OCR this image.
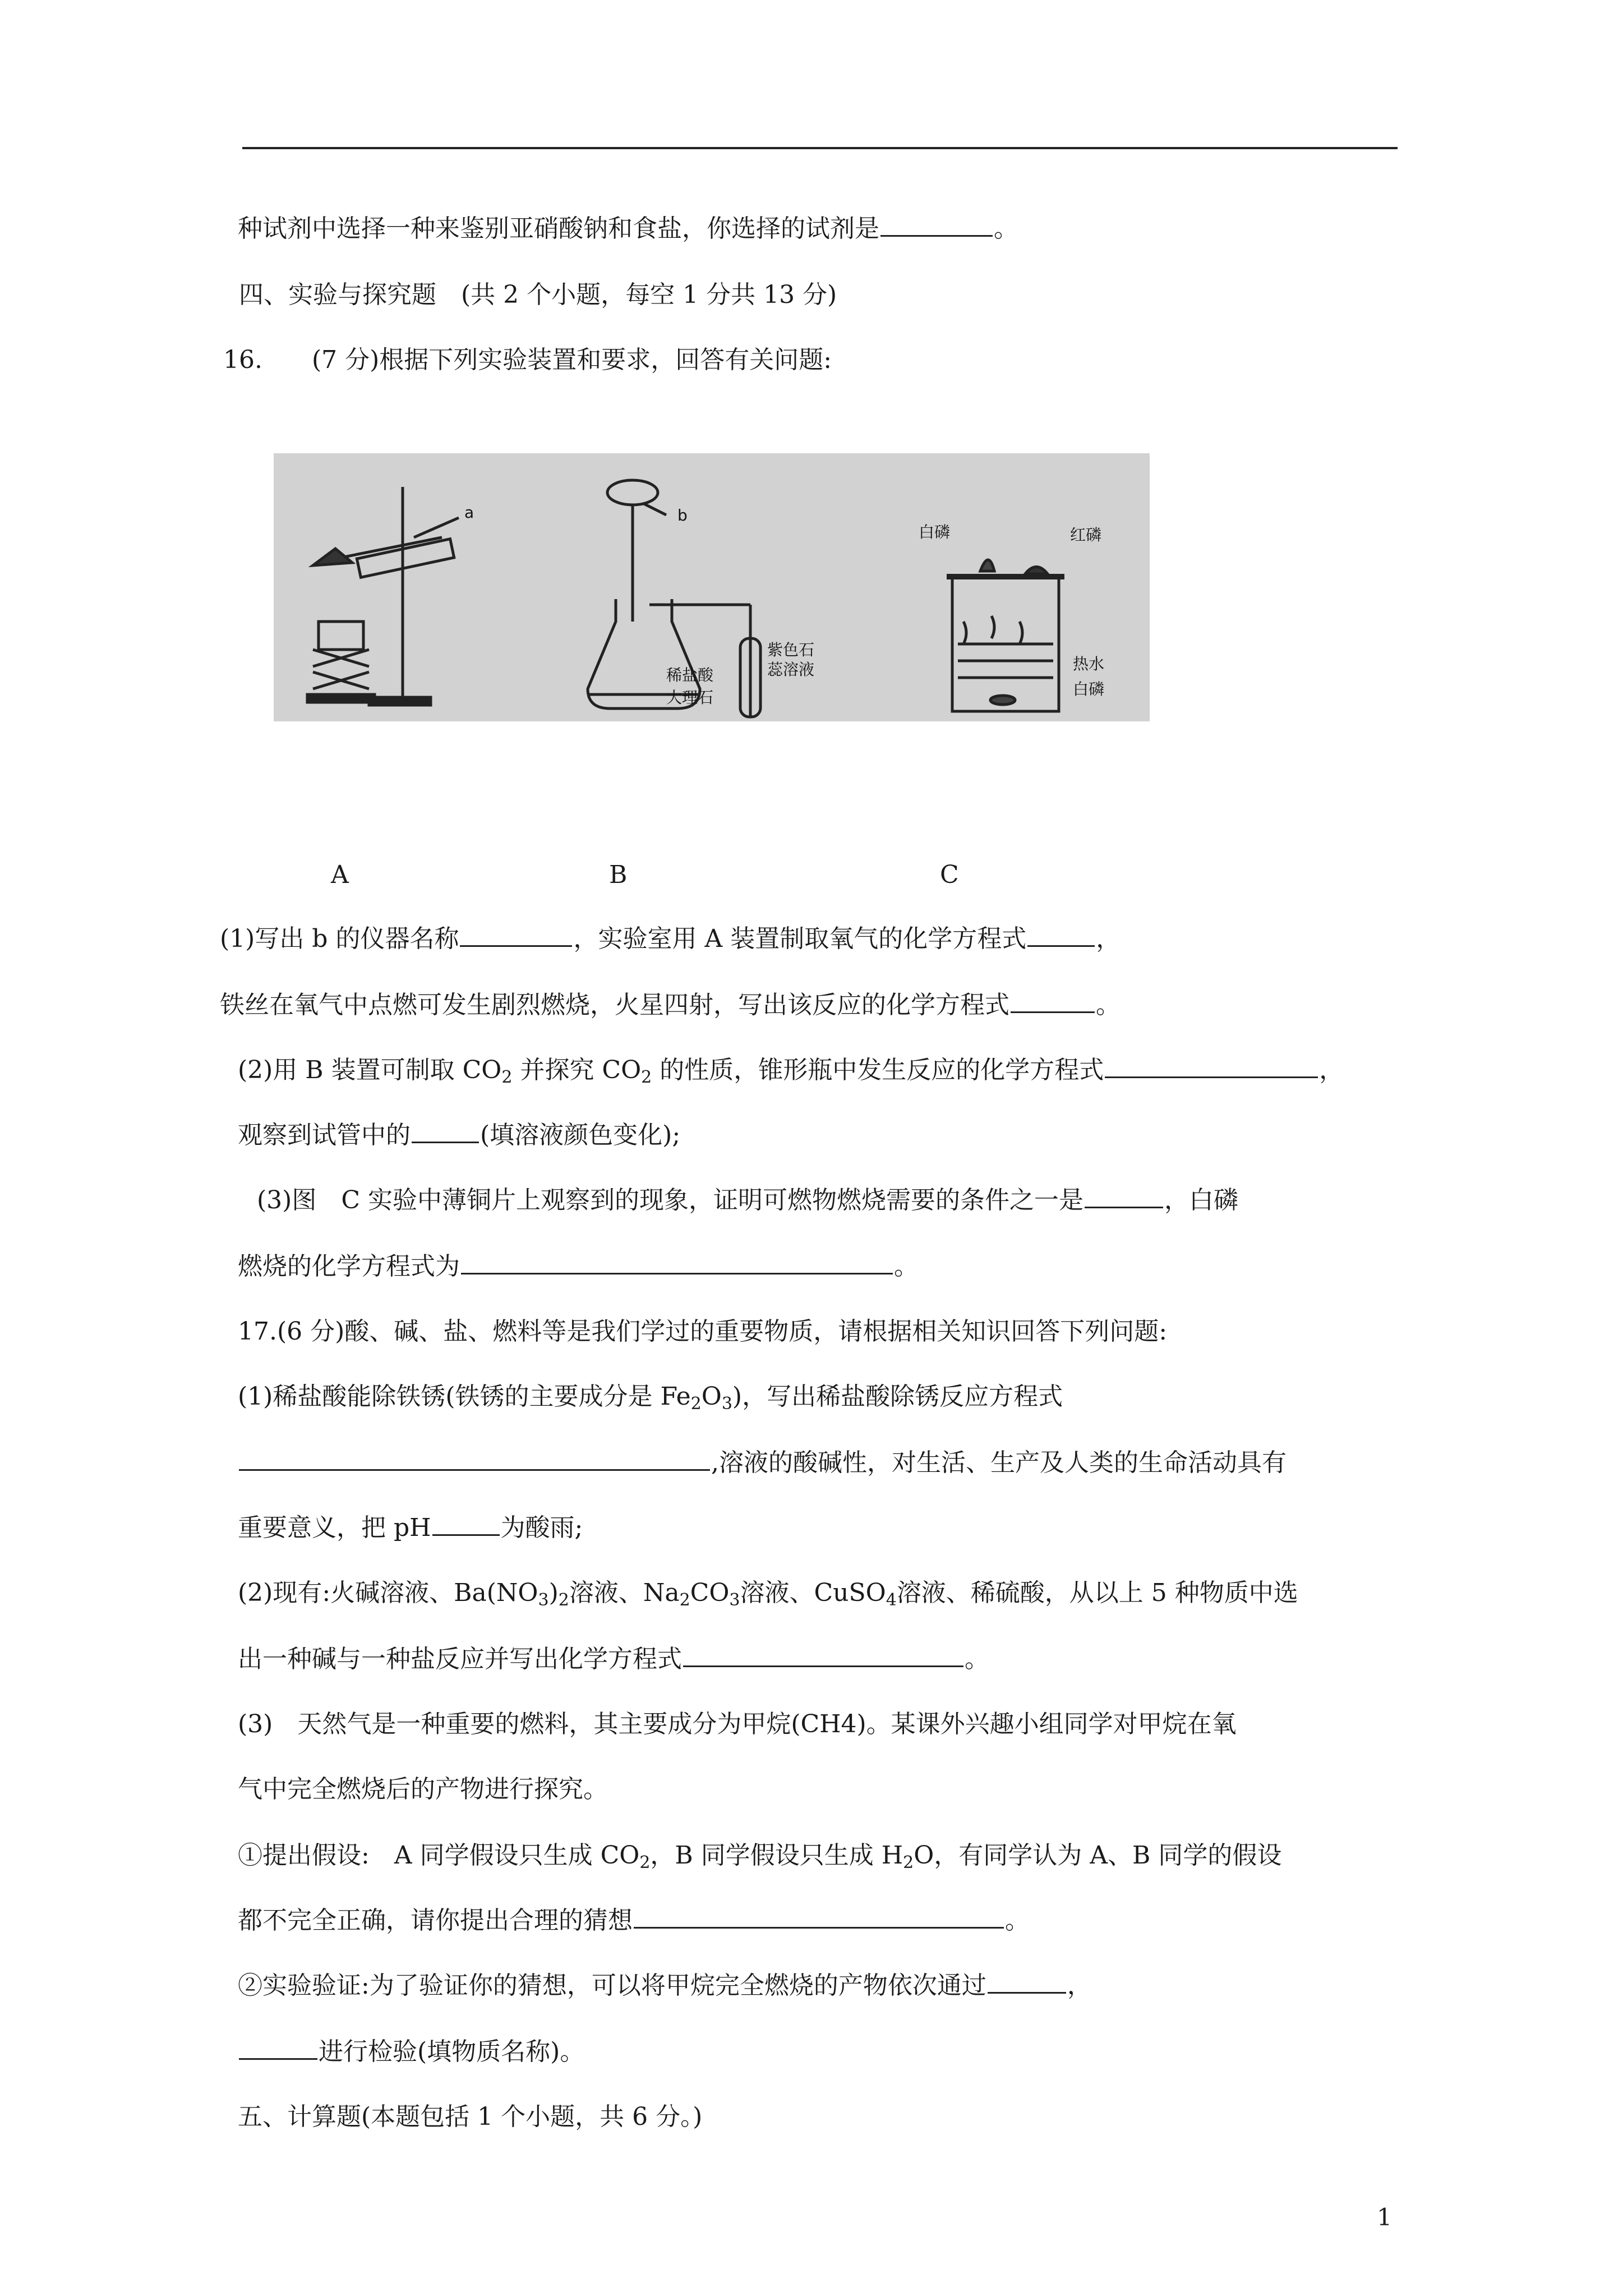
种试剂中选择一种来鉴别亚硝酸钠和食盐，你选择的试剂是	。
四、实验与探究题　 (共 2 个小题，每空 1 分共 13 分)
16.　　 (7 分)根据下列实验装置和要求，回答有关问题:
a	b
稀盐酸
大理石
紫色石
蕊溶液
白磷	红磷
热水
白磷
A	B	C
(1)写出 b 的仪器名称	，实验室用 A 装置制取氧气的化学方程式	，
铁丝在氧气中点燃可发生剧烈燃烧，火星四射，写出该反应的化学方程式	。
(2)用 B 装置可制取 $CO_2$ 并探究 $CO_2$ 的性质，锥形瓶中发生反应的化学方程式	，
观察到试管中的	(填溶液颜色变化);
(3)图　C 实验中薄铜片上观察到的现象，证明可燃物燃烧需要的条件之一是	，白磷
燃烧的化学方程式为	。
17.(6 分)酸、碱、盐、燃料等是我们学过的重要物质，请根据相关知识回答下列问题:
(1)稀盐酸能除铁锈(铁锈的主要成分是 $Fe_2O_3$)，写出稀盐酸除锈反应方程式
,溶液的酸碱性，对生活、生产及人类的生命活动具有
重要意义，把 pH	为酸雨;
(2)现有:火碱溶液、$Ba(NO_3)_2$溶液、$Na_2CO_3$溶液、CuSO$_4$溶液、稀硫酸，从以上 5 种物质中选
出一种碱与一种盐反应并写出化学方程式	。
(3)　天然气是一种重要的燃料，其主要成分为甲烷(CH4)。某课外兴趣小组同学对甲烷在氧
气中完全燃烧后的产物进行探究。
①提出假设:　A 同学假设只生成 $CO_2$，B 同学假设只生成 $H_2O$，有同学认为 A、B 同学的假设
都不完全正确，请你提出合理的猜想	。
②实验验证:为了验证你的猜想，可以将甲烷完全燃烧的产物依次通过	，
进行检验(填物质名称)。
五、计算题(本题包括 1 个小题，共 6 分。)
1
